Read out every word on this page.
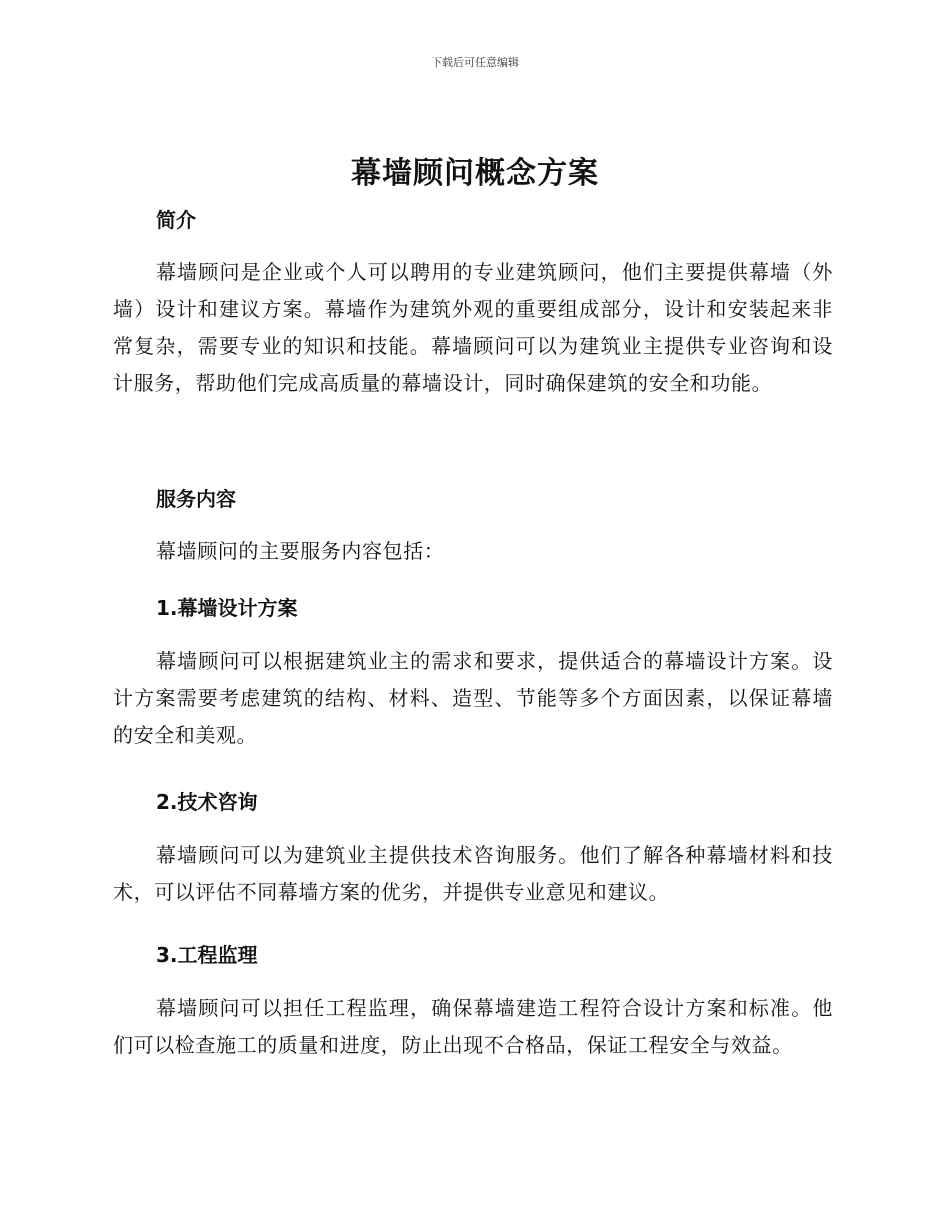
下载后可任意编辑
幕墙顾问概念方案
简介

幕墙顾问是企业或个人可以聘用的专业建筑顾问，他们主要提供幕墙（外墙）设计和建议方案。幕墙作为建筑外观的重要组成部分，设计和安装起来非常复杂，需要专业的知识和技能。幕墙顾问可以为建筑业主提供专业咨询和设计服务，帮助他们完成高质量的幕墙设计，同时确保建筑的安全和功能。

服务内容

幕墙顾问的主要服务内容包括：

1.幕墙设计方案

幕墙顾问可以根据建筑业主的需求和要求，提供适合的幕墙设计方案。设计方案需要考虑建筑的结构、材料、造型、节能等多个方面因素，以保证幕墙的安全和美观。

2.技术咨询

幕墙顾问可以为建筑业主提供技术咨询服务。他们了解各种幕墙材料和技术，可以评估不同幕墙方案的优劣，并提供专业意见和建议。

3.工程监理

幕墙顾问可以担任工程监理，确保幕墙建造工程符合设计方案和标准。他们可以检查施工的质量和进度，防止出现不合格品，保证工程安全与效益。
